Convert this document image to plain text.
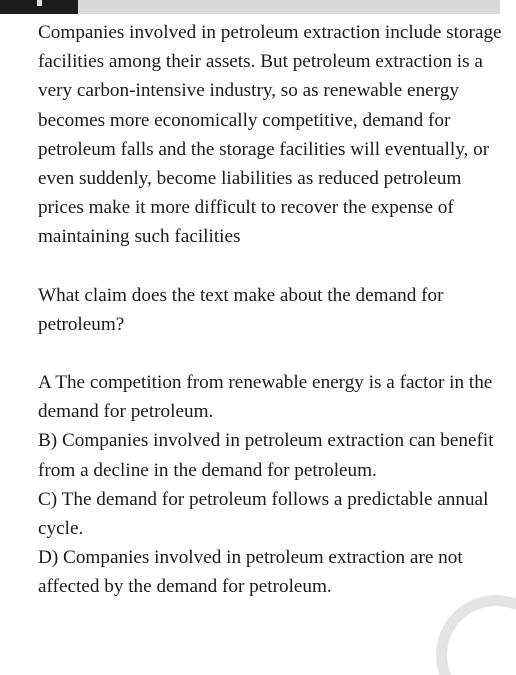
Companies involved in petroleum extraction include storage facilities among their assets. But petroleum extraction is a very carbon-intensive industry, so as renewable energy becomes more economically competitive, demand for petroleum falls and the storage facilities will eventually, or even suddenly, become liabilities as reduced petroleum prices make it more difficult to recover the expense of maintaining such facilities

What claim does the text make about the demand for petroleum?

A The competition from renewable energy is a factor in the demand for petroleum.

B) Companies involved in petroleum extraction can benefit from a decline in the demand for petroleum.

C) The demand for petroleum follows a predictable annual cycle.

D) Companies involved in petroleum extraction are not affected by the demand for petroleum.
